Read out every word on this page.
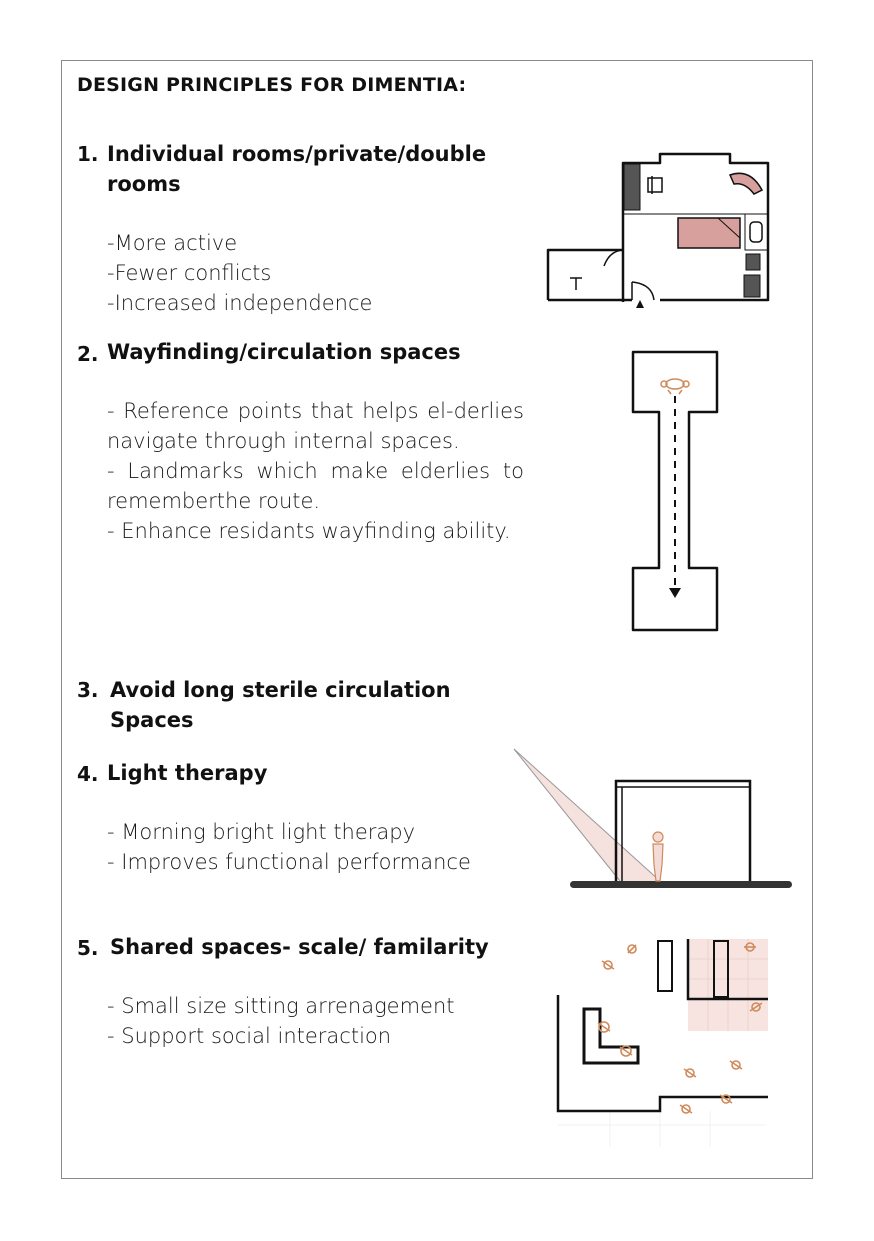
DESIGN PRINCIPLES FOR DIMENTIA:
1. Individual rooms/private/double
rooms
-More active
-Fewer conflicts
-Increased independence
2. Wayfinding/circulation spaces
- Reference points that helps el-derlies navigate through internal spaces.
- Landmarks which make elderlies to rememberthe route.
- Enhance residants wayfinding ability.
3. Avoid long sterile circulation
Spaces
4. Light therapy
- Morning bright light therapy
- Improves functional performance
5. Shared spaces- scale/ familarity
- Small size sitting arrenagement
- Support social interaction
